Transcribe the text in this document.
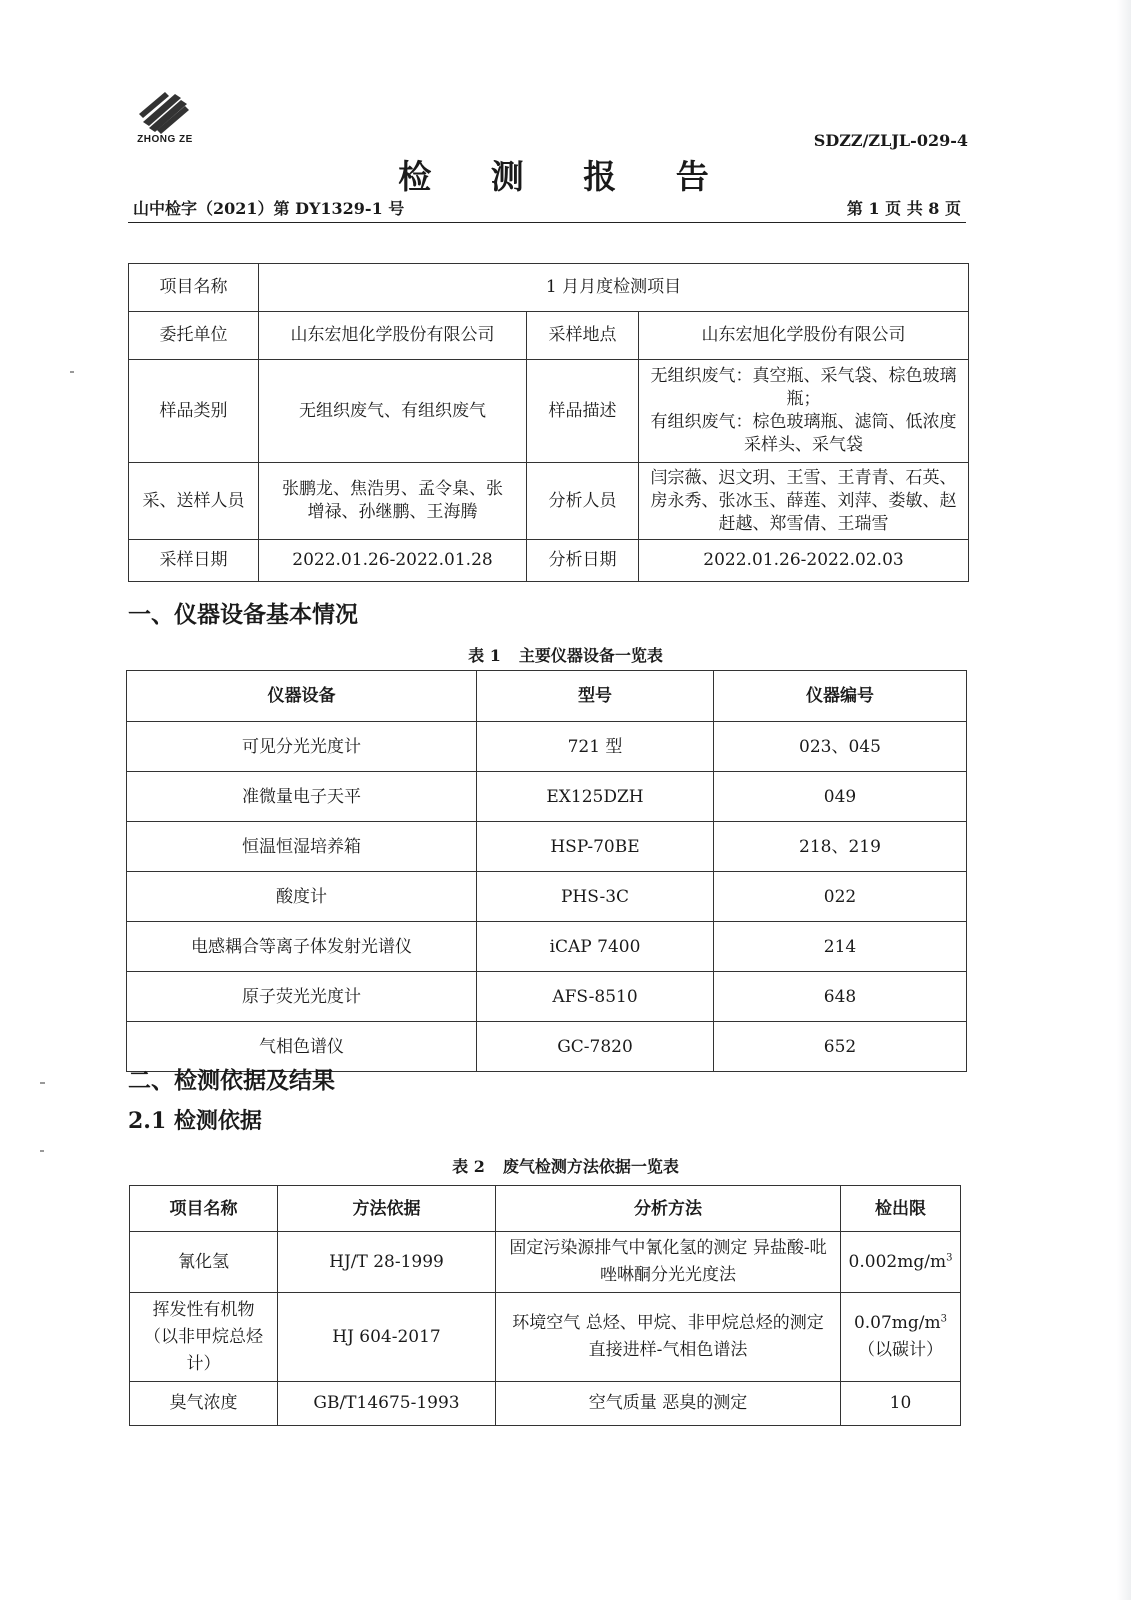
ZHONG ZE	SDZZ/ZLJL-029-4
检 测 报 告
山中检字（2021）第 DY1329-1 号	第 1 页 共 8 页
项目名称	1 月月度检测项目		
委托单位	山东宏旭化学股份有限公司	采样地点	山东宏旭化学股份有限公司
样品类别	无组织废气、有组织废气	样品描述	无组织废气：真空瓶、采气袋、棕色玻璃瓶；
有组织废气：棕色玻璃瓶、滤筒、低浓度采样头、采气袋

采、送样人员	张鹏龙、焦浩男、孟令臬、张增禄、孙继鹏、王海腾	分析人员	闫宗薇、迟文玥、王雪、王青青、石英、房永秀、张冰玉、薛莲、刘萍、娄敏、赵赶越、郑雪倩、王瑞雪
采样日期	2022.01.26-2022.01.28	分析日期	2022.01.26-2022.02.03
一、仪器设备基本情况
表 1 主要仪器设备一览表
仪器设备	型号	仪器编号
可见分光光度计	721 型	023、045
准微量电子天平	EX125DZH	049
恒温恒湿培养箱	HSP-70BE	218、219
酸度计	PHS-3C	022
电感耦合等离子体发射光谱仪	iCAP 7400	214
原子荧光光度计	AFS-8510	648
气相色谱仪	GC-7820	652
二、检测依据及结果
2.1 检测依据
表 2 废气检测方法依据一览表
项目名称	方法依据	分析方法	检出限
氰化氢	HJ/T 28-1999	固定污染源排气中氰化氢的测定 异盐酸-吡唑啉酮分光光度法	$0.002mg/m^3$
挥发性有机物（以非甲烷总烃计）	HJ 604-2017	环境空气 总烃、甲烷、非甲烷总烃的测定 直接进样-气相色谱法	$0.07mg/m^3$
（以碳计）

臭气浓度	GB/T14675-1993	空气质量 恶臭的测定	10
